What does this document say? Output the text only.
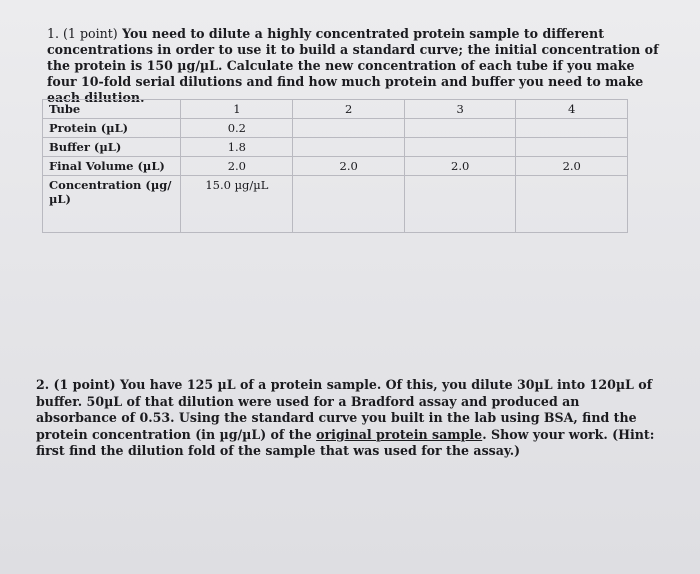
1. (1 point) You need to dilute a highly concentrated protein sample to different concentrations in order to use it to build a standard curve; the initial concentration of the protein is 150 µg/µL. Calculate the new concentration of each tube if you make four 10-fold serial dilutions and find how much protein and buffer you need to make each dilution.
Tube	1	2	3	4
Protein (µL)	0.2			
Buffer (µL)	1.8			
Final Volume (µL)	2.0	2.0	2.0	2.0
Concentration (µg/µL)	15.0 µg/µL			
2. (1 point) You have 125 µL of a protein sample. Of this, you dilute 30µL into 120µL of buffer. 50µL of that dilution were used for a Bradford assay and produced an absorbance of 0.53. Using the standard curve you built in the lab using BSA, find the protein concentration (in µg/µL) of the original protein sample. Show your work. (Hint: first find the dilution fold of the sample that was used for the assay.)
